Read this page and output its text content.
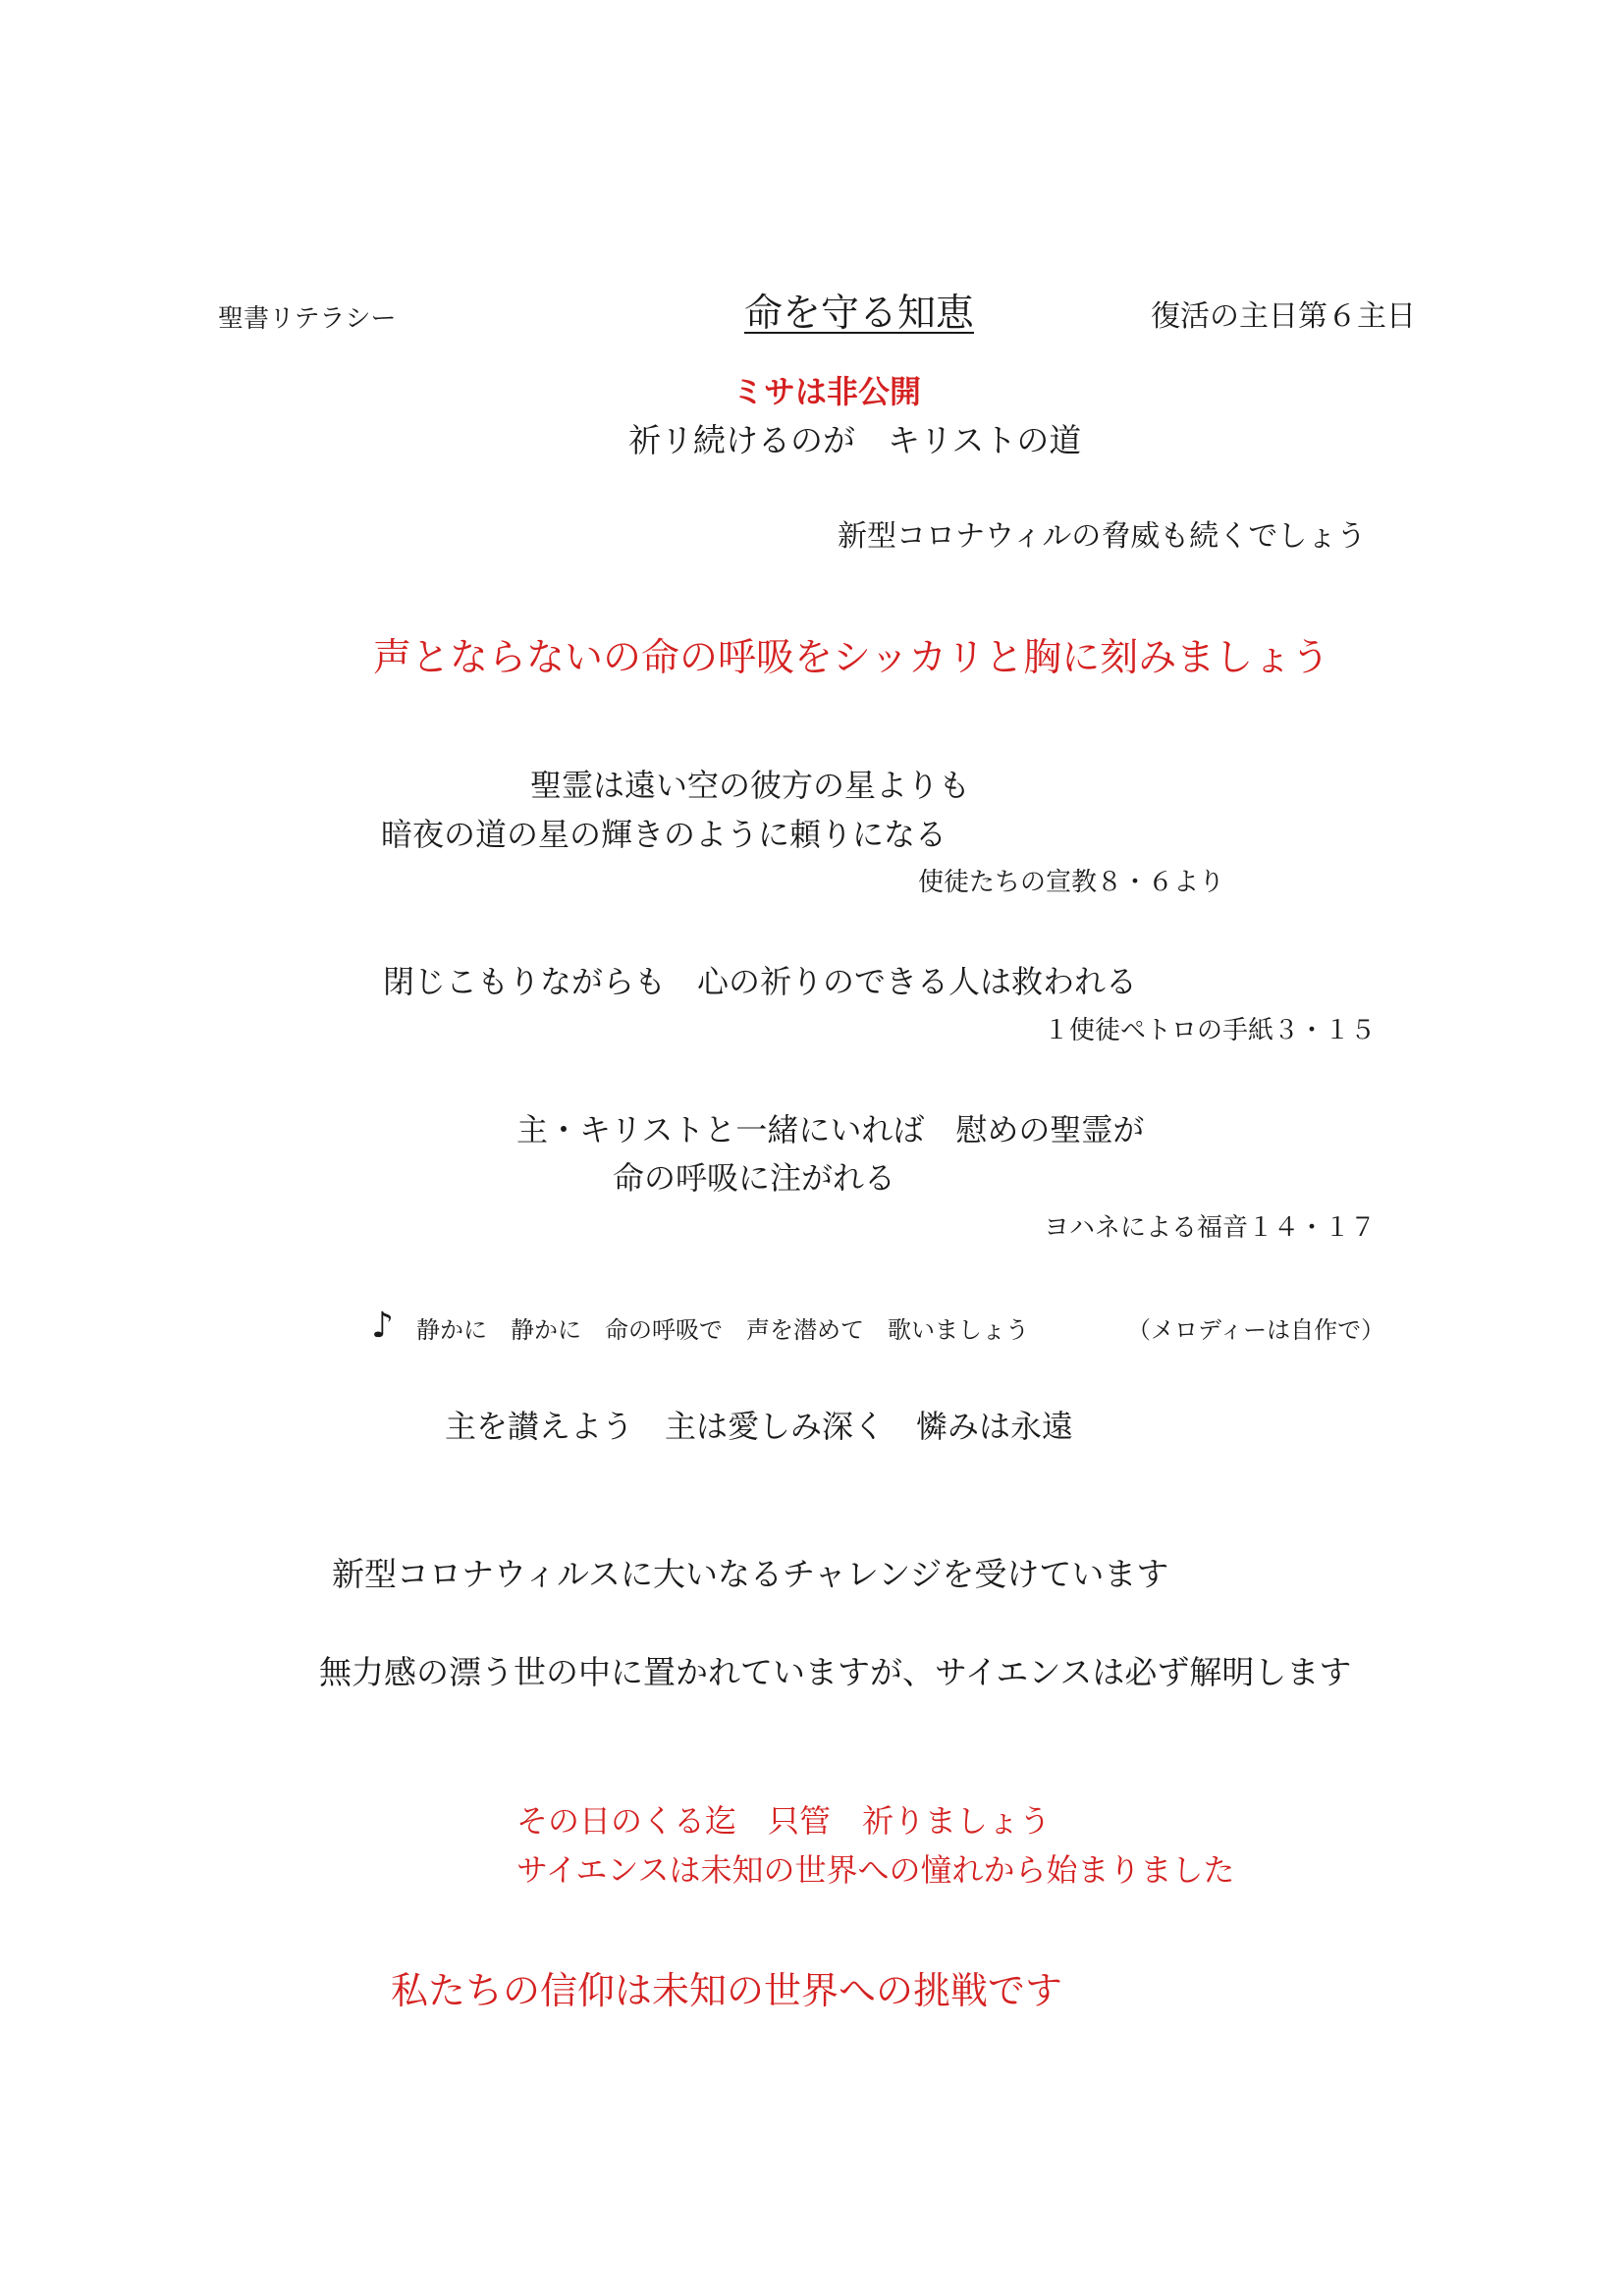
聖書リテラシー	命を守る知恵	復活の主日第６主日

ミサは非公開

祈リ続けるのが　キリストの道

新型コロナウィルの脅威も続くでしょう

声とならないの命の呼吸をシッカリと胸に刻みましょう

聖霊は遠い空の彼方の星よりも

暗夜の道の星の輝きのように頼りになる

使徒たちの宣教８・６より

閉じこもりながらも　心の祈りのできる人は救われる

１使徒ペトロの手紙３・１５

主・キリストと一緒にいれば　慰めの聖霊が

命の呼吸に注がれる

ヨハネによる福音１４・１７

♪ 静かに　静かに　命の呼吸で　声を潜めて　歌いましょう	（メロディーは自作で）

主を讃えよう　主は愛しみ深く　憐みは永遠

新型コロナウィルスに大いなるチャレンジを受けています

無力感の漂う世の中に置かれていますが、サイエンスは必ず解明します

その日のくる迄　只管　祈りましょう

サイエンスは未知の世界への憧れから始まりました

私たちの信仰は未知の世界への挑戦です
